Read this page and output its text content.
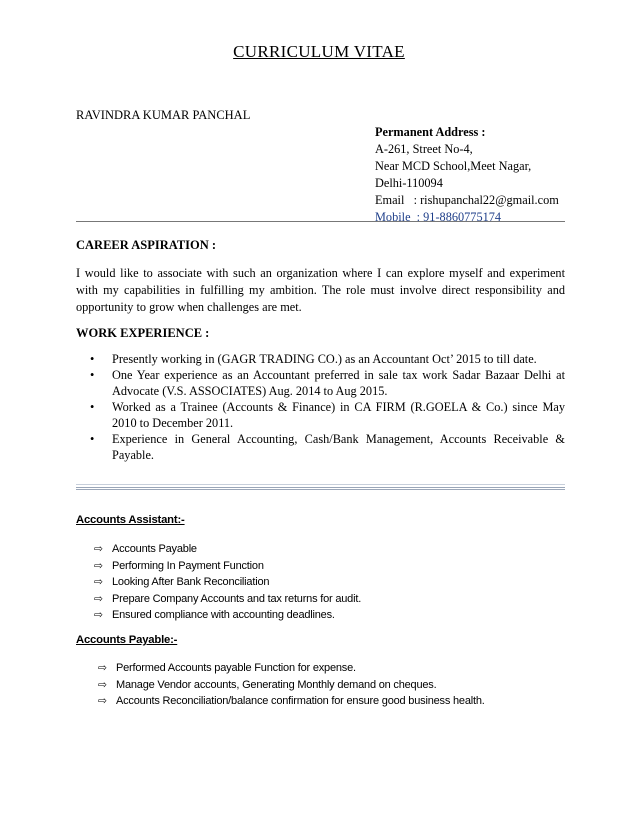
CURRICULUM VITAE
RAVINDRA KUMAR PANCHAL
Permanent Address :
A-261, Street No-4,
Near MCD School,Meet Nagar,
Delhi-110094
Email   : rishupanchal22@gmail.com
Mobile  : 91-8860775174
CAREER ASPIRATION :
I would like to associate with such an organization where I can explore myself and experiment with my capabilities in fulfilling my ambition. The role must involve direct responsibility and opportunity to grow when challenges are met.
WORK EXPERIENCE :
• Presently working in (GAGR TRADING CO.) as an Accountant Oct’ 2015 to till date.
• One Year experience as an Accountant preferred in sale tax work Sadar Bazaar Delhi at Advocate (V.S. ASSOCIATES) Aug. 2014 to Aug 2015.
• Worked as a Trainee (Accounts & Finance) in CA FIRM (R.GOELA & Co.) since May 2010 to December 2011.
• Experience in General Accounting, Cash/Bank Management, Accounts Receivable & Payable.
Accounts Assistant:-
⇨ Accounts Payable
⇨ Performing In Payment Function
⇨ Looking After Bank Reconciliation
⇨ Prepare Company Accounts and tax returns for audit.
⇨ Ensured compliance with accounting deadlines.
Accounts Payable:-
⇨ Performed Accounts payable Function for expense.
⇨ Manage Vendor accounts, Generating Monthly demand on cheques.
⇨ Accounts Reconciliation/balance confirmation for ensure good business health.
